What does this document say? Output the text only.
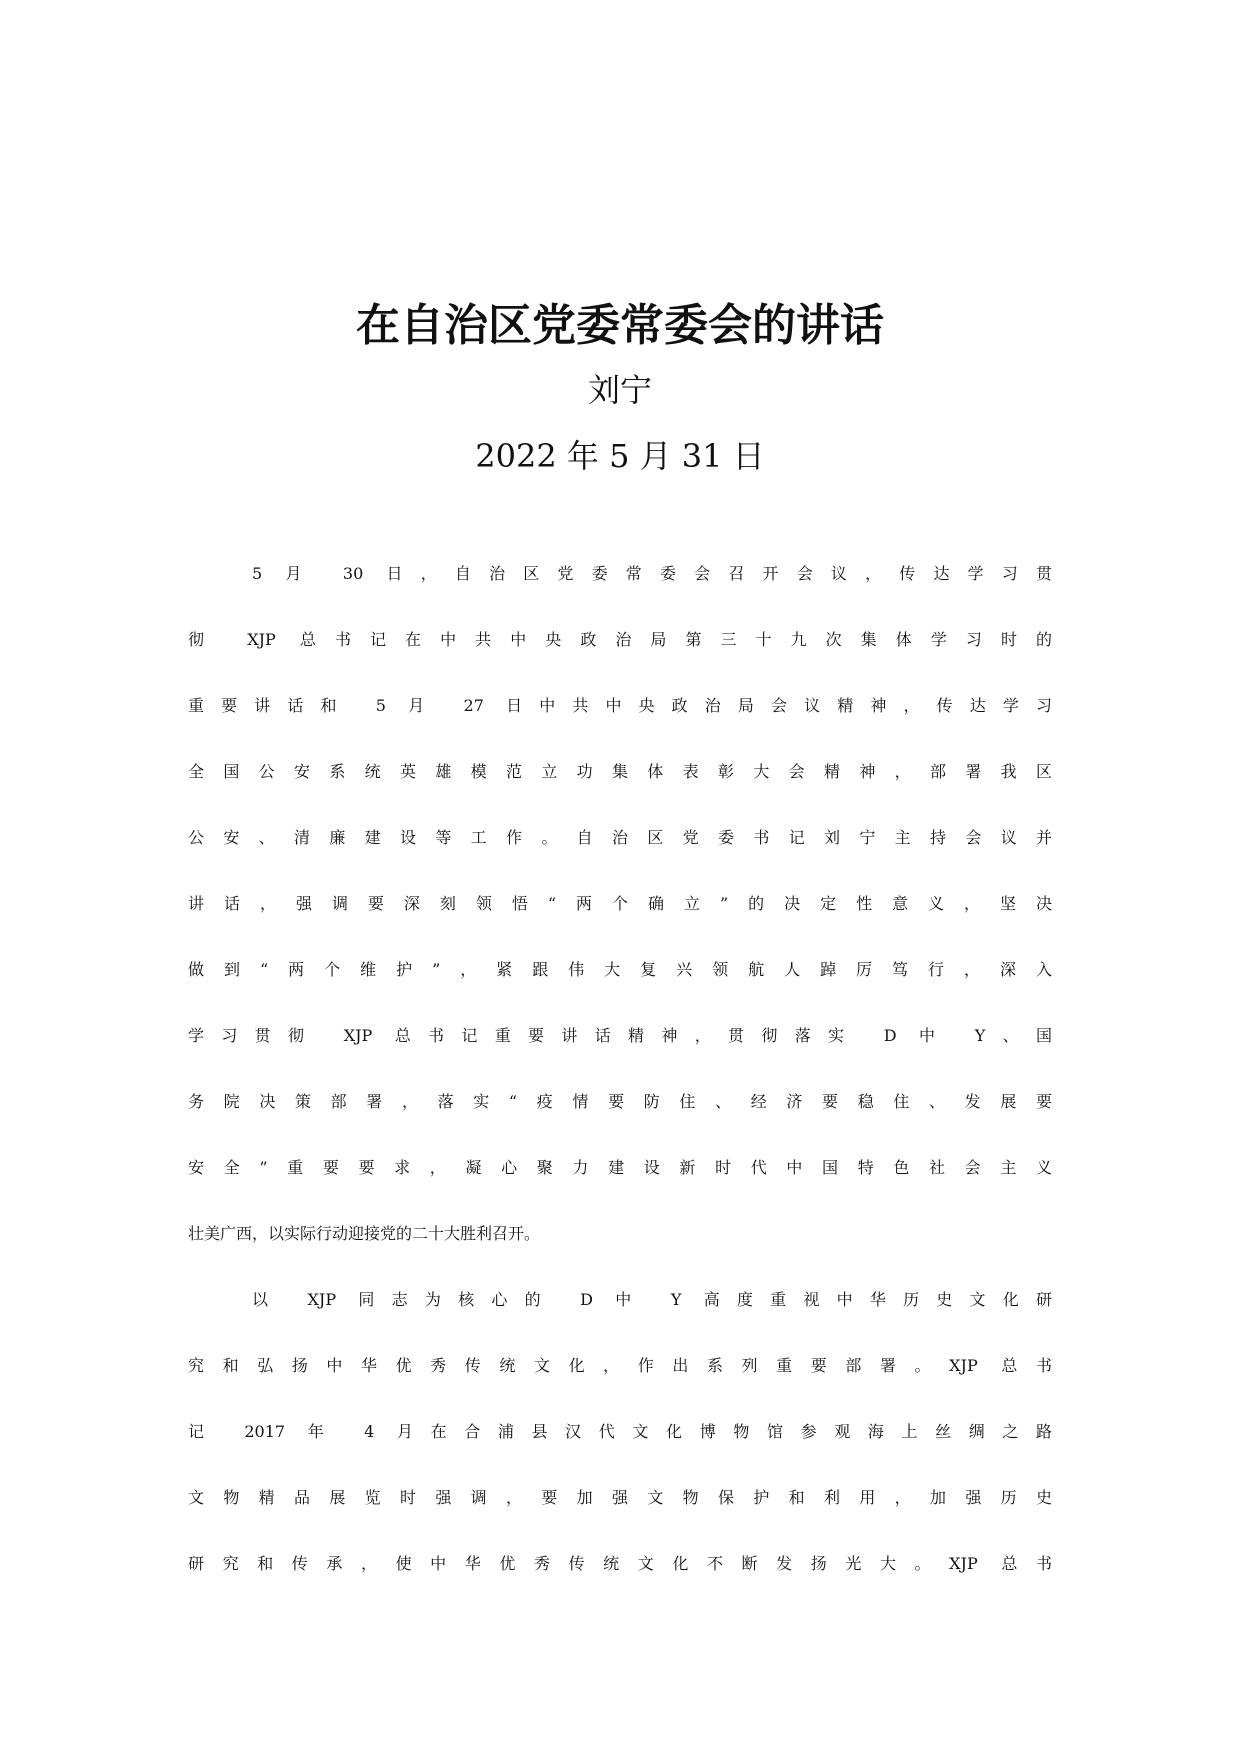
在自治区党委常委会的讲话
刘宁
2022 年 5 月 31 日
5 月 30 日，自治区党委常委会召开会议，传达学习贯
彻 XJP 总书记在中共中央政治局第三十九次集体学习时的
重要讲话和 5 月 27 日中共中央政治局会议精神，传达学习
全国公安系统英雄模范立功集体表彰大会精神，部署我区
公安、清廉建设等工作。自治区党委书记刘宁主持会议并
讲话，强调要深刻领悟“两个确立”的决定性意义，坚决
做到“两个维护”，紧跟伟大复兴领航人踔厉笃行，深入
学习贯彻 XJP 总书记重要讲话精神，贯彻落实 D 中 Y、国
务院决策部署，落实“疫情要防住、经济要稳住、发展要
安全”重要要求，凝心聚力建设新时代中国特色社会主义
壮美广西，以实际行动迎接党的二十大胜利召开。
以 XJP 同志为核心的 D 中 Y 高度重视中华历史文化研
究和弘扬中华优秀传统文化，作出系列重要部署。XJP 总书
记 2017 年 4 月在合浦县汉代文化博物馆参观海上丝绸之路
文物精品展览时强调，要加强文物保护和利用，加强历史
研究和传承，使中华优秀传统文化不断发扬光大。XJP 总书
